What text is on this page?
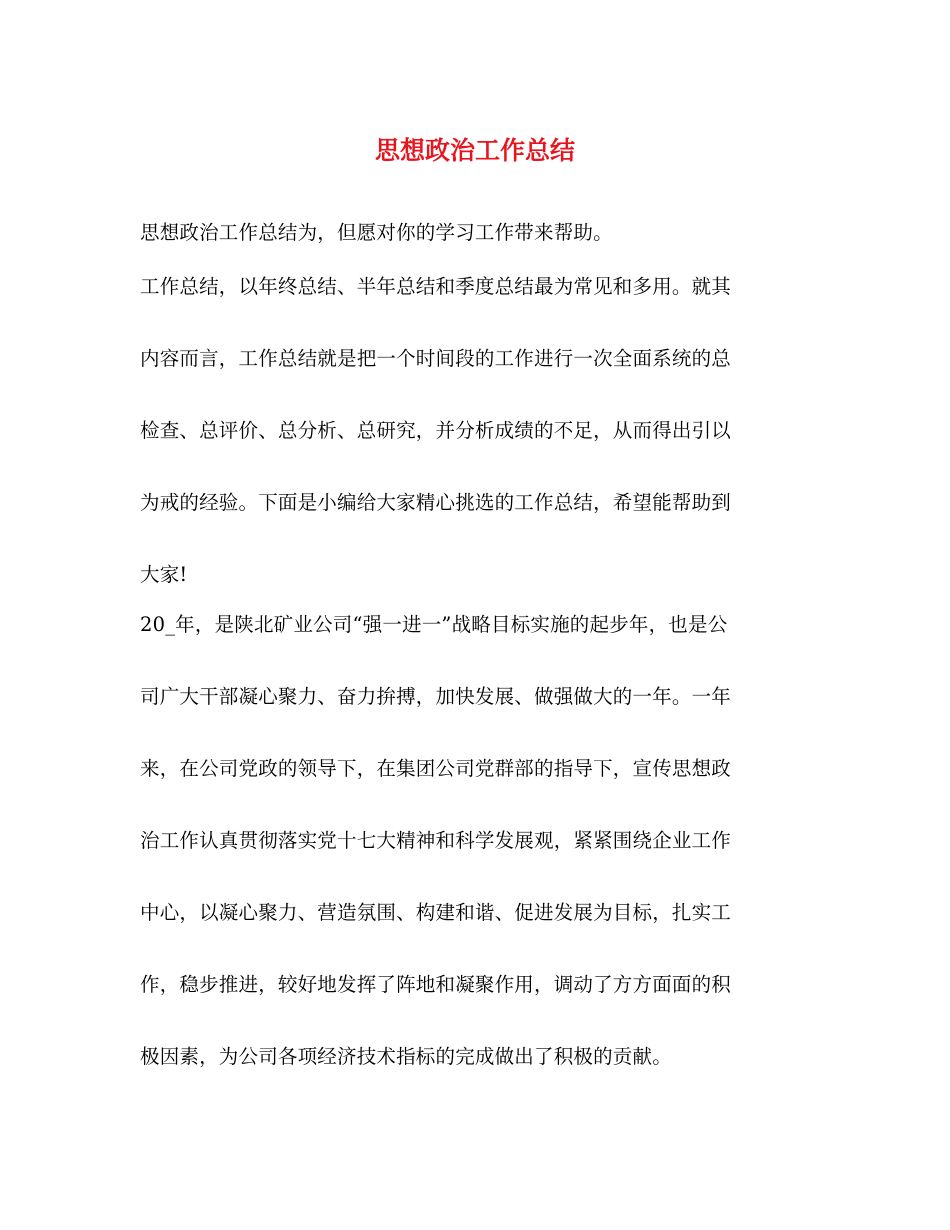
思想政治工作总结
思想政治工作总结为，但愿对你的学习工作带来帮助。
工作总结，以年终总结、半年总结和季度总结最为常见和多用。就其
内容而言，工作总结就是把一个时间段的工作进行一次全面系统的总
检查、总评价、总分析、总研究，并分析成绩的不足，从而得出引以
为戒的经验。下面是小编给大家精心挑选的工作总结，希望能帮助到
大家!
20_年，是陕北矿业公司“强一进一”战略目标实施的起步年，也是公
司广大干部凝心聚力、奋力拚搏，加快发展、做强做大的一年。一年
来，在公司党政的领导下，在集团公司党群部的指导下，宣传思想政
治工作认真贯彻落实党十七大精神和科学发展观，紧紧围绕企业工作
中心，以凝心聚力、营造氛围、构建和谐、促进发展为目标，扎实工
作，稳步推进，较好地发挥了阵地和凝聚作用，调动了方方面面的积
极因素，为公司各项经济技术指标的完成做出了积极的贡献。
